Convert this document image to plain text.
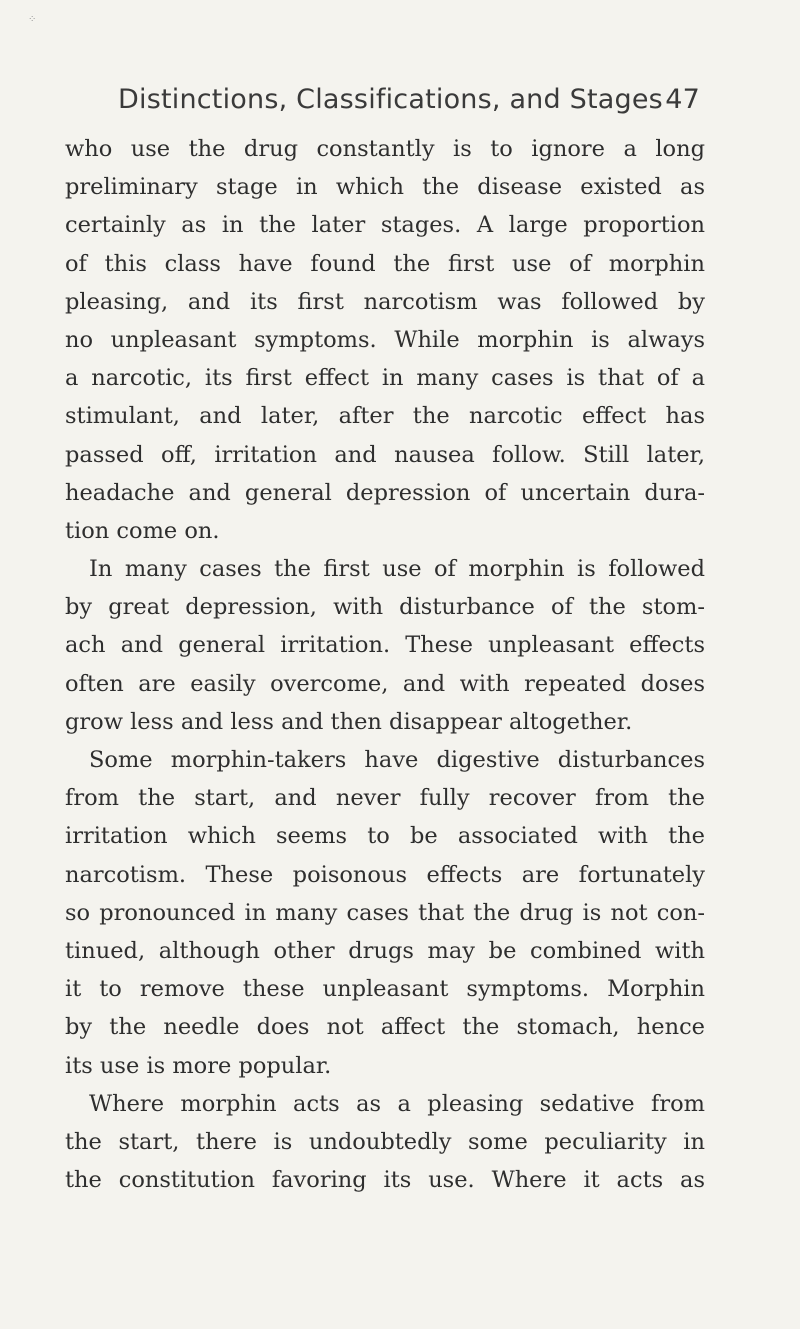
⁘
Distinctions, Classifications, and Stages 47
who use the drug constantly is to ignore a long
preliminary stage in which the disease existed as
certainly as in the later stages. A large proportion
of this class have found the first use of morphin
pleasing, and its first narcotism was followed by
no unpleasant symptoms. While morphin is always
a narcotic, its first effect in many cases is that of a
stimulant, and later, after the narcotic effect has
passed off, irritation and nausea follow. Still later,
headache and general depression of uncertain dura-
tion come on.
In many cases the first use of morphin is followed
by great depression, with disturbance of the stom-
ach and general irritation. These unpleasant effects
often are easily overcome, and with repeated doses
grow less and less and then disappear altogether.
Some morphin-takers have digestive disturbances
from the start, and never fully recover from the
irritation which seems to be associated with the
narcotism. These poisonous effects are fortunately
so pronounced in many cases that the drug is not con-
tinued, although other drugs may be combined with
it to remove these unpleasant symptoms. Morphin
by the needle does not affect the stomach, hence
its use is more popular.
Where morphin acts as a pleasing sedative from
the start, there is undoubtedly some peculiarity in
the constitution favoring its use. Where it acts as
